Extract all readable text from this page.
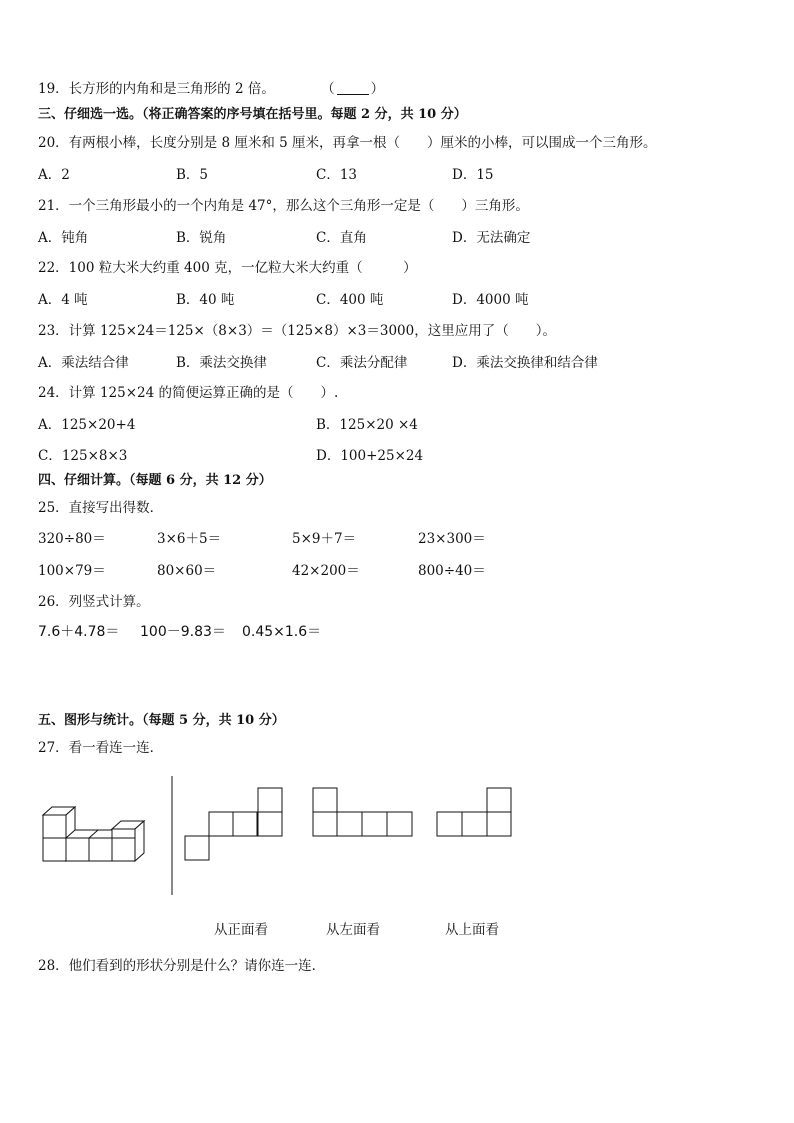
19．长方形的内角和是三角形的 2 倍。	（	）
三、仔细选一选。（将正确答案的序号填在括号里。每题 2 分，共 10 分）
20．有两根小棒，长度分别是 8 厘米和 5 厘米，再拿一根（　　）厘米的小棒，可以围成一个三角形。
A．2	B．5	C．13	D．15
21．一个三角形最小的一个内角是 47°，那么这个三角形一定是（　　）三角形。
A．钝角	B．锐角	C．直角	D．无法确定
22．100 粒大米大约重 400 克，一亿粒大米大约重（　　　）
A．4 吨	B．40 吨	C．400 吨	D．4000 吨
23．计算 125×24＝125×（8×3）＝（125×8）×3＝3000，这里应用了（　　）。
A．乘法结合律	B．乘法交换律	C．乘法分配律	D．乘法交换律和结合律
24．计算 125×24 的简便运算正确的是（　　）.
A．125×20+4	B．125×20 ×4
C．125×8×3	D．100+25×24
四、仔细计算。（每题 6 分，共 12 分）
25．直接写出得数．
320÷80＝	3×6＋5＝	5×9＋7＝	23×300＝
100×79＝	80×60＝	42×200＝	800÷40＝
26．列竖式计算。
7.6＋4.78＝ 100－9.83＝ 0.45×1.6＝
五、图形与统计。（每题 5 分，共 10 分）
27．看一看连一连．
从正面看	从左面看	从上面看
28．他们看到的形状分别是什么？请你连一连．
